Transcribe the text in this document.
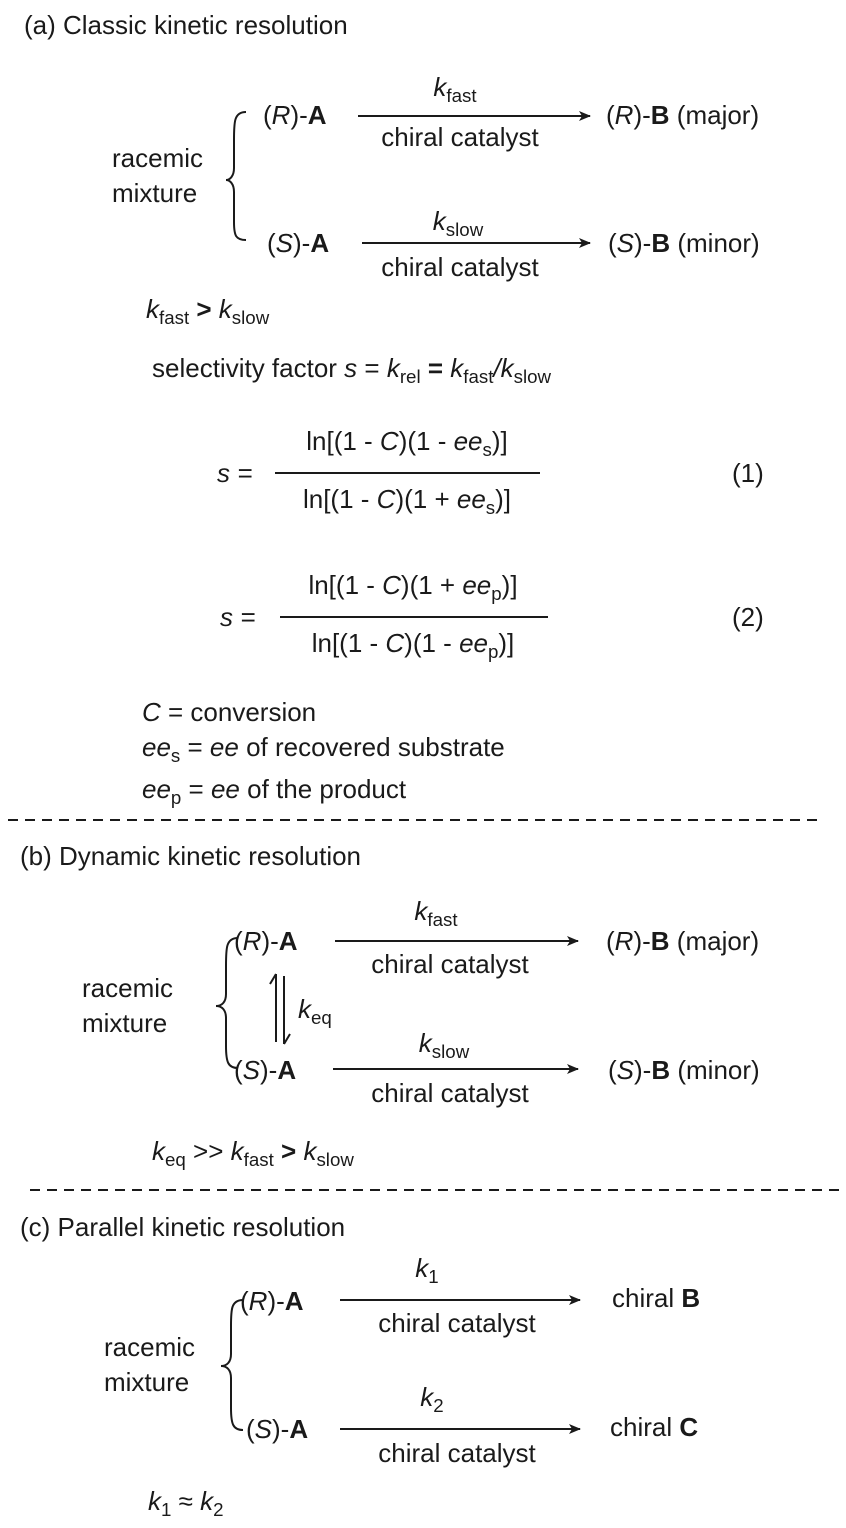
(a) Classic kinetic resolution
racemic
mixture
(R)-A
(S)-A
$k_{fast}$
chiral catalyst
$k_{slow}$
chiral catalyst
(R)-B (major)
(S)-B (minor)
$k_{fast} > k_{slow}$
selectivity factor $s = k_{rel} = k_{fast}/k_{slow}$
s =
$\ln[(1 - C)(1 - ee_s)]$
$\ln[(1 - C)(1 + ee_s)]$
(1)
s =
$\ln[(1 - C)(1 + ee_p)]$
$\ln[(1 - C)(1 - ee_p)]$
(2)
C = conversion
$ee_s$ = ee of recovered substrate
$ee_p$ = ee of the product
(b) Dynamic kinetic resolution
racemic
mixture
(R)-A
(S)-A
$k_{eq}$
$k_{fast}$
chiral catalyst
$k_{slow}$
chiral catalyst
(R)-B (major)
(S)-B (minor)
$k_{eq} >> k_{fast} > k_{slow}$
(c) Parallel kinetic resolution
racemic
mixture
(R)-A
(S)-A
$k_1$
chiral catalyst
$k_2$
chiral catalyst
chiral B
chiral C
$k_1 \approx k_2$
